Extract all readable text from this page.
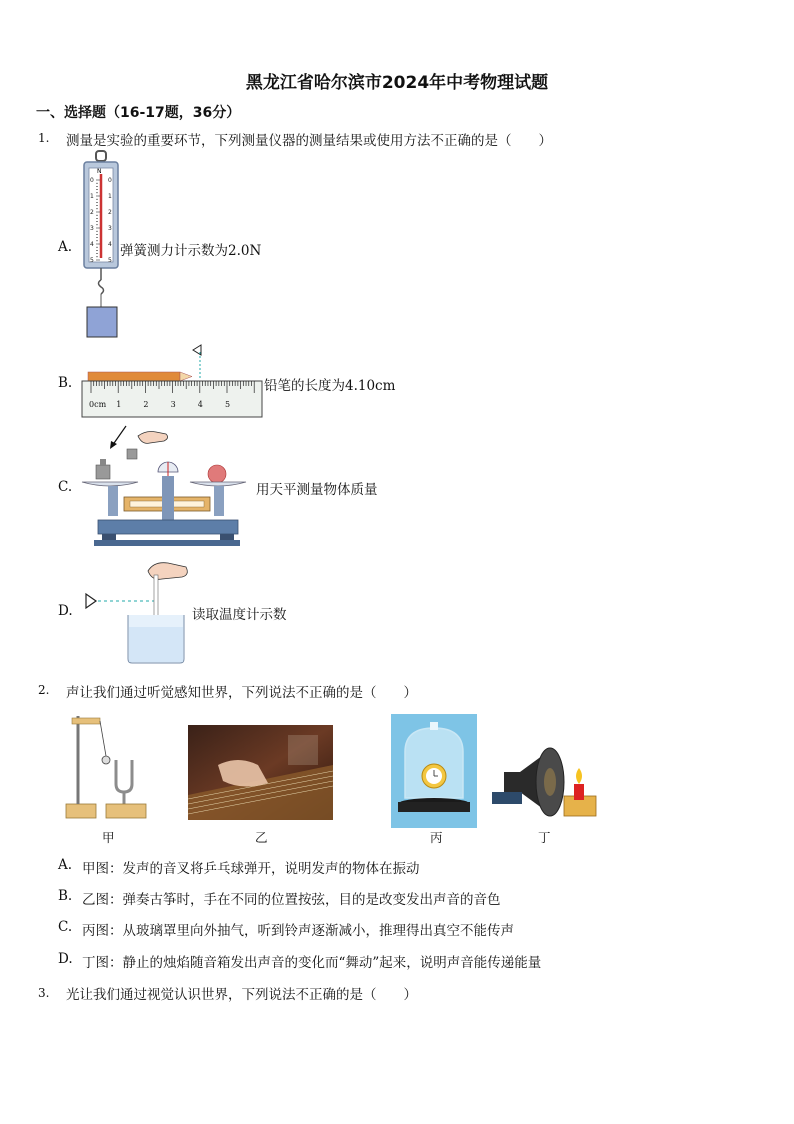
黑龙江省哈尔滨市2024年中考物理试题
一、选择题（16-17题，36分）
1. 测量是实验的重要环节，下列测量仪器的测量结果或使用方法不正确的是（　　）
A.
0 0
1 1
2 2
3 3
4 4
5 5
N
弹簧测力计示数为2.0N
B.
0cm 1	2	3	4	5
铅笔的长度为4.10cm
C.	用天平测量物体质量
D.	读取温度计示数
2. 声让我们通过听觉感知世界，下列说法不正确的是（　　）
甲	乙	丙	丁
A. 甲图：发声的音叉将乒乓球弹开，说明发声的物体在振动
B. 乙图：弹奏古筝时，手在不同的位置按弦，目的是改变发出声音的音色
C. 丙图：从玻璃罩里向外抽气，听到铃声逐渐减小，推理得出真空不能传声
D. 丁图：静止的烛焰随音箱发出声音的变化而“舞动”起来，说明声音能传递能量
3. 光让我们通过视觉认识世界，下列说法不正确的是（　　）
